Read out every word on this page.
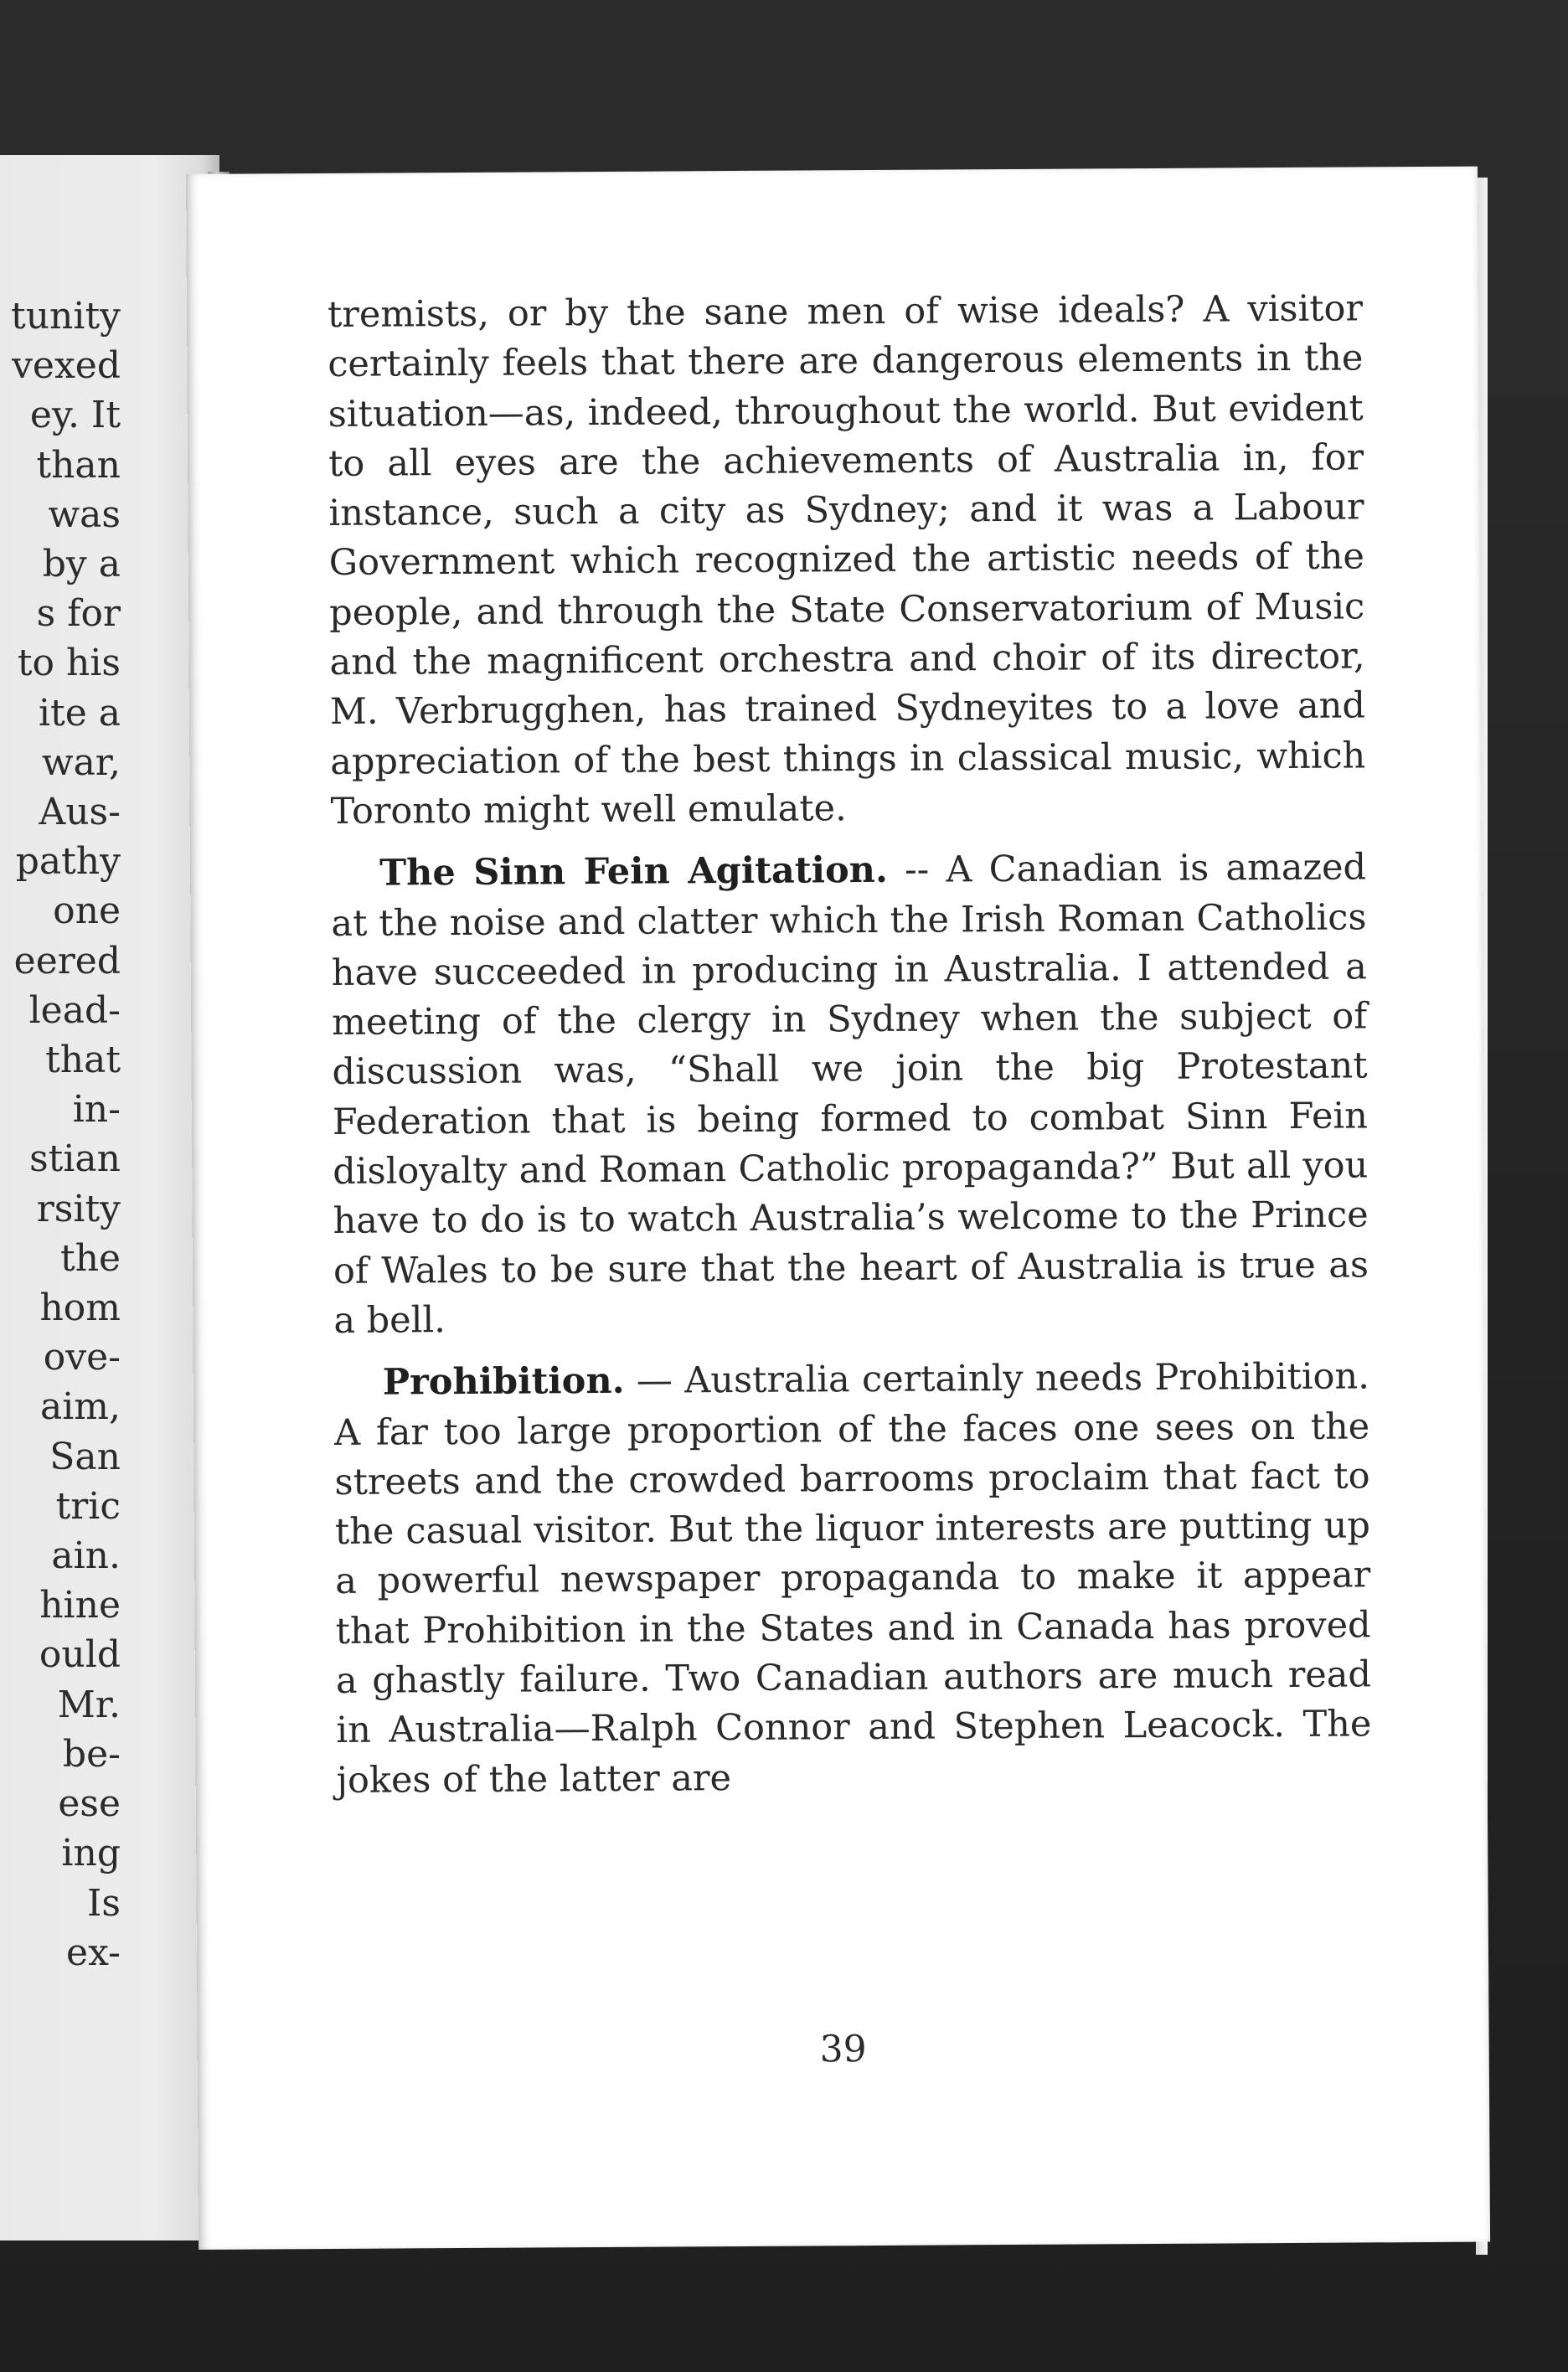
tunity
vexed
ey. It
than
was
by a
s for
to his
ite a
war,
Aus-
pathy
one
eered
lead-
that
in-
stian
rsity
the
hom
ove-
aim,
San
tric
ain.
hine
ould
Mr.
be-
ese
ing
Is
ex-

tremists, or by the sane men of wise ideals? A visitor certainly feels that there are dangerous elements in the situation—as, indeed, throughout the world. But evident to all eyes are the achievements of Australia in, for instance, such a city as Sydney; and it was a Labour Government which recognized the artistic needs of the people, and through the State Conservatorium of Music and the magnificent orchestra and choir of its director, M. Verbrugghen, has trained Sydneyites to a love and appreciation of the best things in classical music, which Toronto might well emulate.

The Sinn Fein Agitation. -- A Canadian is amazed at the noise and clatter which the Irish Roman Catholics have succeeded in producing in Australia. I attended a meeting of the clergy in Sydney when the subject of discussion was, “Shall we join the big Protestant Federation that is being formed to combat Sinn Fein disloyalty and Roman Catholic propaganda?” But all you have to do is to watch Australia’s welcome to the Prince of Wales to be sure that the heart of Australia is true as a bell.

Prohibition. — Australia certainly needs Prohibition. A far too large proportion of the faces one sees on the streets and the crowded barrooms proclaim that fact to the casual visitor. But the liquor interests are putting up a powerful newspaper propaganda to make it appear that Prohibition in the States and in Canada has proved a ghastly failure. Two Canadian authors are much read in Australia—Ralph Connor and Stephen Leacock. The jokes of the latter are

39
